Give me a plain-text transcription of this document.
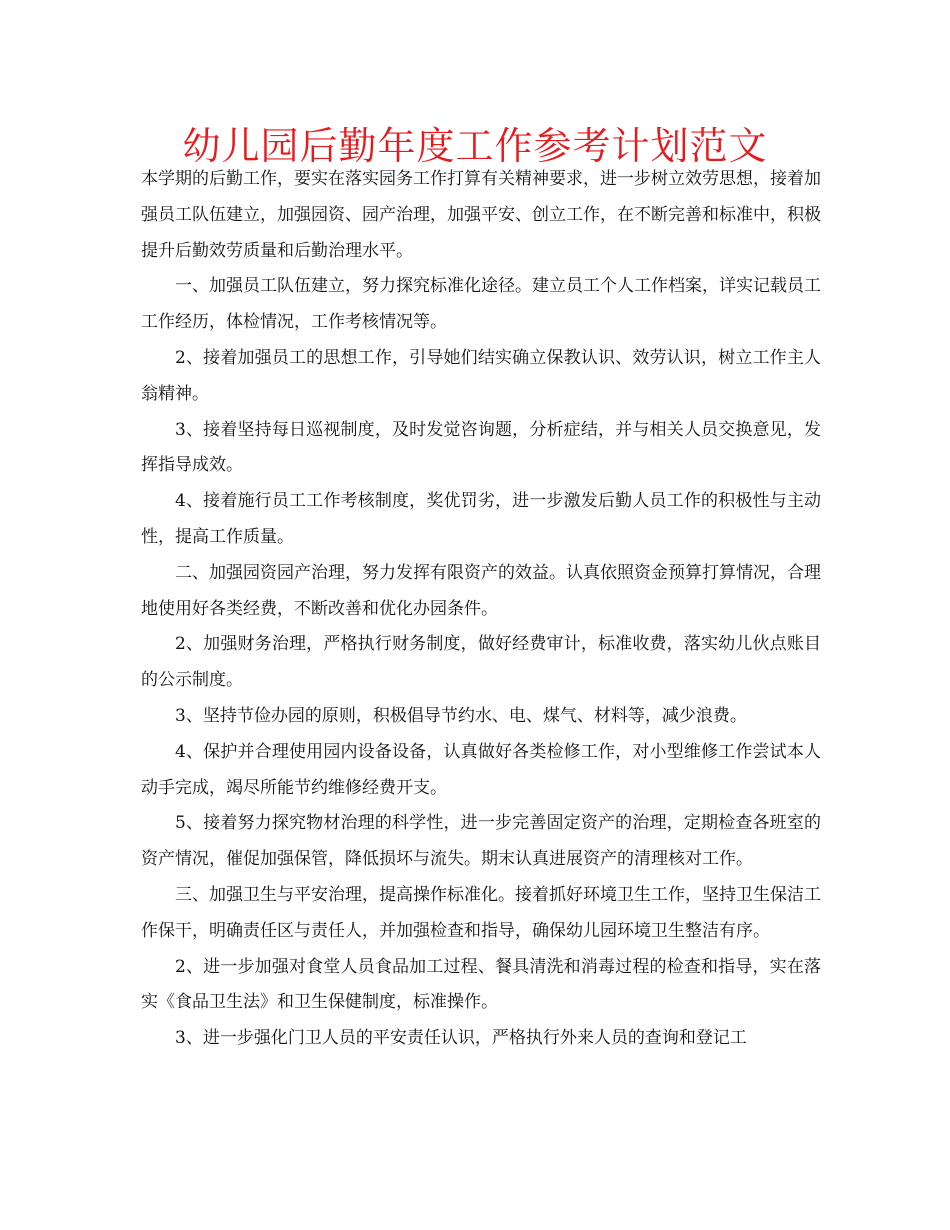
幼儿园后勤年度工作参考计划范文

本学期的后勤工作，要实在落实园务工作打算有关精神要求，进一步树立效劳思想，接着加强员工队伍建立，加强园资、园产治理，加强平安、创立工作，在不断完善和标准中，积极提升后勤效劳质量和后勤治理水平。

一、加强员工队伍建立，努力探究标准化途径。建立员工个人工作档案，详实记载员工工作经历，体检情况，工作考核情况等。

2、接着加强员工的思想工作，引导她们结实确立保教认识、效劳认识，树立工作主人翁精神。

3、接着坚持每日巡视制度，及时发觉咨询题，分析症结，并与相关人员交换意见，发挥指导成效。

4、接着施行员工工作考核制度，奖优罚劣，进一步激发后勤人员工作的积极性与主动性，提高工作质量。

二、加强园资园产治理，努力发挥有限资产的效益。认真依照资金预算打算情况，合理地使用好各类经费，不断改善和优化办园条件。

2、加强财务治理，严格执行财务制度，做好经费审计，标准收费，落实幼儿伙点账目的公示制度。

3、坚持节俭办园的原则，积极倡导节约水、电、煤气、材料等，减少浪费。

4、保护并合理使用园内设备设备，认真做好各类检修工作，对小型维修工作尝试本人动手完成，竭尽所能节约维修经费开支。

5、接着努力探究物材治理的科学性，进一步完善固定资产的治理，定期检查各班室的资产情况，催促加强保管，降低损坏与流失。期末认真进展资产的清理核对工作。

三、加强卫生与平安治理，提高操作标准化。接着抓好环境卫生工作，坚持卫生保洁工作保干，明确责任区与责任人，并加强检查和指导，确保幼儿园环境卫生整洁有序。

2、进一步加强对食堂人员食品加工过程、餐具清洗和消毒过程的检查和指导，实在落实《食品卫生法》和卫生保健制度，标准操作。

3、进一步强化门卫人员的平安责任认识，严格执行外来人员的查询和登记工
